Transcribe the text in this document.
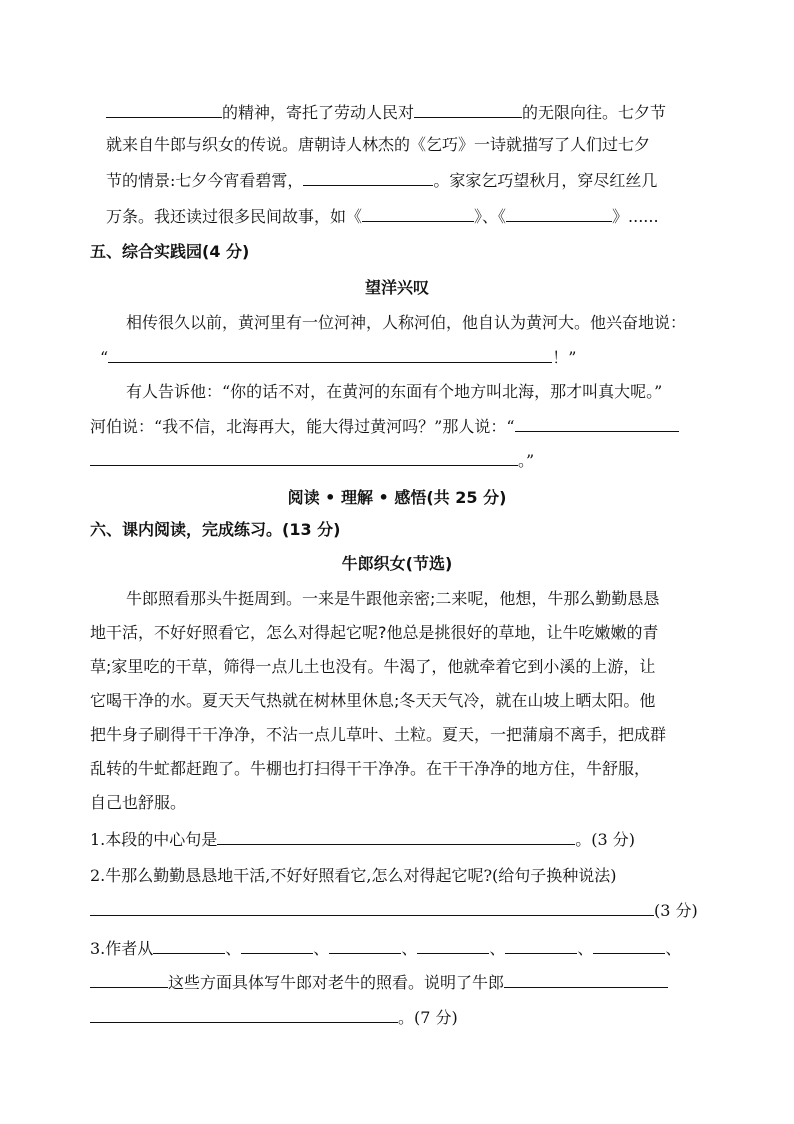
的精神，寄托了劳动人民对	的无限向往。七夕节
就来自牛郎与织女的传说。唐朝诗人林杰的《乞巧》一诗就描写了人们过七夕
节的情景:七夕今宵看碧霄，	。家家乞巧望秋月，穿尽红丝几
万条。我还读过很多民间故事，如《	》、《	》......
五、综合实践园(4 分)
望洋兴叹
相传很久以前，黄河里有一位河神，人称河伯，他自认为黄河大。他兴奋地说：
“	！”
有人告诉他：“你的话不对，在黄河的东面有个地方叫北海，那才叫真大呢。”
河伯说：“我不信，北海再大，能大得过黄河吗？”那人说：“
。”
阅读 • 理解 • 感悟(共 25 分)
六、课内阅读，完成练习。(13 分)
牛郎织女(节选)
牛郎照看那头牛挺周到。一来是牛跟他亲密;二来呢，他想，牛那么勤勤恳恳
地干活，不好好照看它，怎么对得起它呢?他总是挑很好的草地，让牛吃嫩嫩的青
草;家里吃的干草，筛得一点儿土也没有。牛渴了，他就牵着它到小溪的上游，让
它喝干净的水。夏天天气热就在树林里休息;冬天天气冷，就在山坡上晒太阳。他
把牛身子刷得干干净净，不沾一点儿草叶、土粒。夏天，一把蒲扇不离手，把成群
乱转的牛虻都赶跑了。牛棚也打扫得干干净净。在干干净净的地方住，牛舒服，
自己也舒服。
1.本段的中心句是	。(3 分)
2.牛那么勤勤恳恳地干活,不好好照看它,怎么对得起它呢?(给句子换种说法)
(3 分)
3.作者从	、	、	、	、	、	、
这些方面具体写牛郎对老牛的照看。说明了牛郎
。(7 分)
